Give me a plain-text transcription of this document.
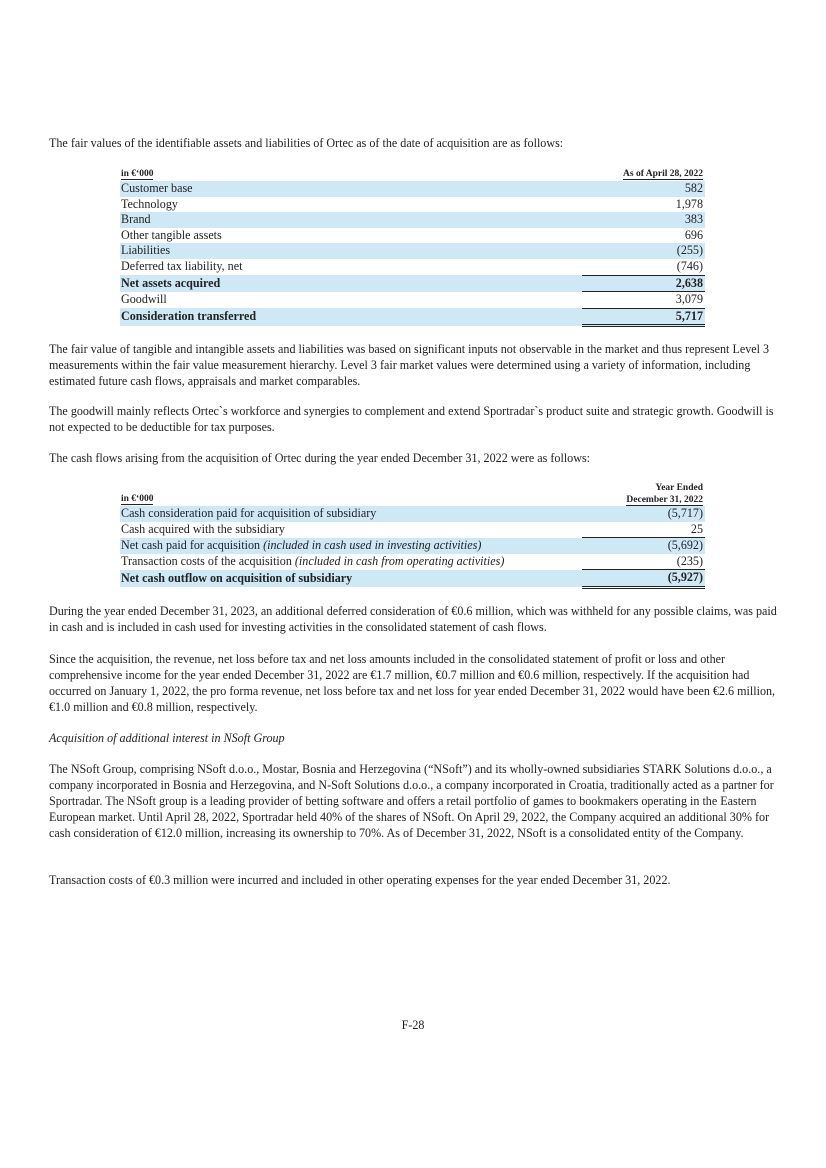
The fair values of the identifiable assets and liabilities of Ortec as of the date of acquisition are as follows:

in €‘000	As of April 28, 2022
Customer base	582
Technology	1,978
Brand	383
Other tangible assets	696
Liabilities	(255)
Deferred tax liability, net	(746)
Net assets acquired	2,638
Goodwill	3,079
Consideration transferred	5,717

The fair value of tangible and intangible assets and liabilities was based on significant inputs not observable in the market and thus represent Level 3 measurements within the fair value measurement hierarchy. Level 3 fair market values were determined using a variety of information, including estimated future cash flows, appraisals and market comparables.

The goodwill mainly reflects Ortec`s workforce and synergies to complement and extend Sportradar`s product suite and strategic growth. Goodwill is not expected to be deductible for tax purposes.

The cash flows arising from the acquisition of Ortec during the year ended December 31, 2022 were as follows:

in €‘000	Year Ended
December 31, 2022

Cash consideration paid for acquisition of subsidiary	(5,717)
Cash acquired with the subsidiary	25
Net cash paid for acquisition (included in cash used in investing activities)	(5,692)
Transaction costs of the acquisition (included in cash from operating activities)	(235)
Net cash outflow on acquisition of subsidiary	(5,927)

During the year ended December 31, 2023, an additional deferred consideration of €0.6 million, which was withheld for any possible claims, was paid in cash and is included in cash used for investing activities in the consolidated statement of cash flows.

Since the acquisition, the revenue, net loss before tax and net loss amounts included in the consolidated statement of profit or loss and other comprehensive income for the year ended December 31, 2022 are €1.7 million, €0.7 million and €0.6 million, respectively. If the acquisition had occurred on January 1, 2022, the pro forma revenue, net loss before tax and net loss for year ended December 31, 2022 would have been €2.6 million, €1.0 million and €0.8 million, respectively.

Acquisition of additional interest in NSoft Group

The NSoft Group, comprising NSoft d.o.o., Mostar, Bosnia and Herzegovina (“NSoft”) and its wholly-owned subsidiaries STARK Solutions d.o.o., a company incorporated in Bosnia and Herzegovina, and N-Soft Solutions d.o.o., a company incorporated in Croatia, traditionally acted as a partner for Sportradar. The NSoft group is a leading provider of betting software and offers a retail portfolio of games to bookmakers operating in the Eastern European market. Until April 28, 2022, Sportradar held 40% of the shares of NSoft. On April 29, 2022, the Company acquired an additional 30% for cash consideration of €12.0 million, increasing its ownership to 70%. As of December 31, 2022, NSoft is a consolidated entity of the Company.

Transaction costs of €0.3 million were incurred and included in other operating expenses for the year ended December 31, 2022.

F-28
